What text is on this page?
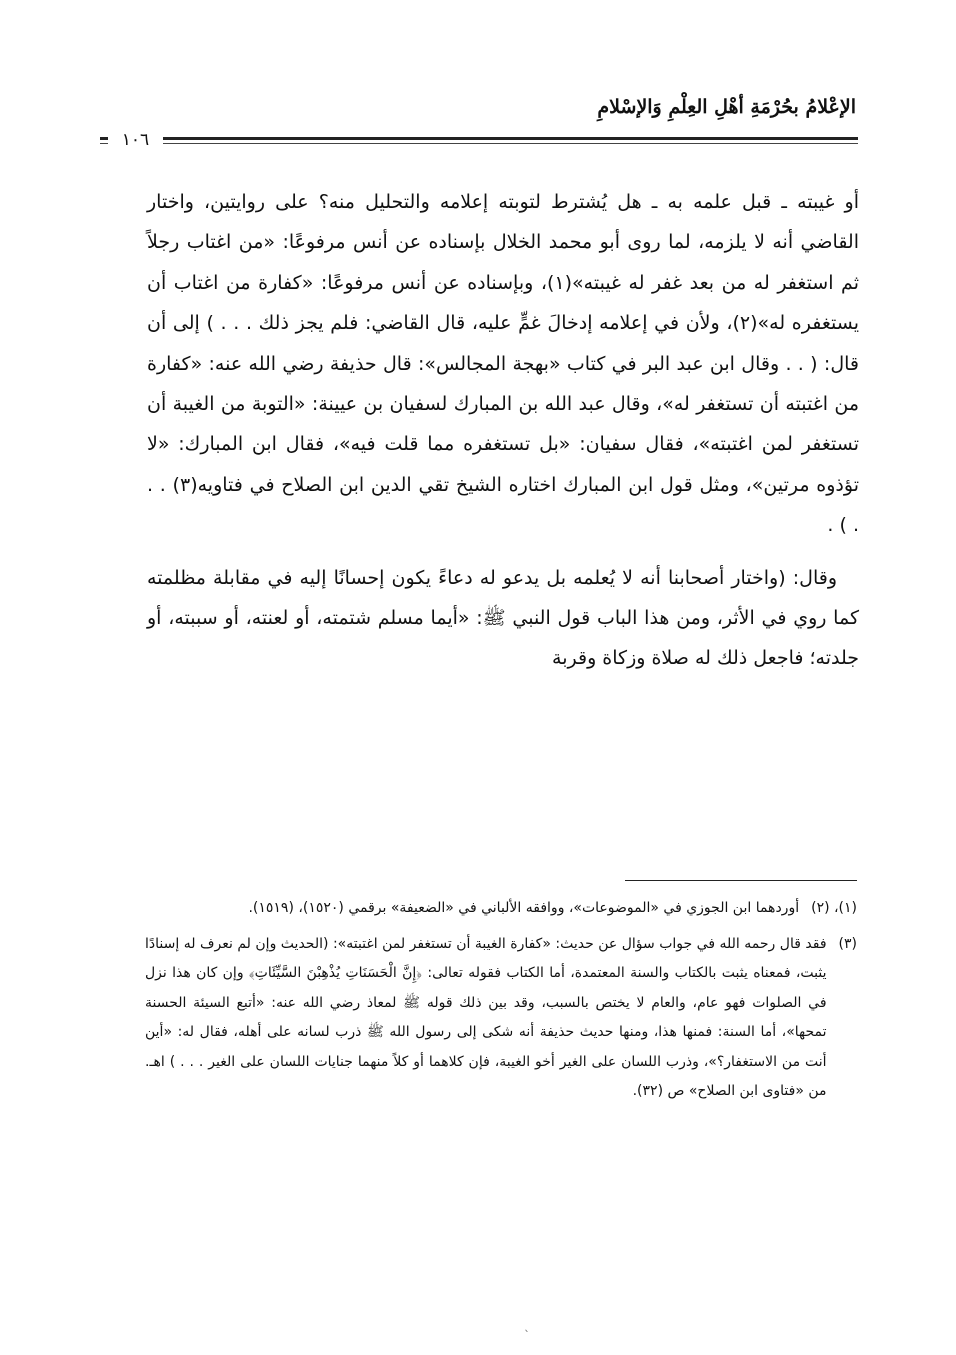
الإعْلامُ بحُرْمَةِ أهْلِ العِلْمِ وَالإسْلامِ
١٠٦

أو غيبته ـ قبل علمه به ـ هل يُشترط لتوبته إعلامه والتحليل منه؟ على روايتين، واختار القاضي أنه لا يلزمه، لما روى أبو محمد الخلال بإسناده عن أنس مرفوعًا: «من اغتاب رجلاً ثم استغفر له من بعد غفر له غيبته»(١)، وبإسناده عن أنس مرفوعًا: «كفارة من اغتاب أن يستغفره له»(٢)، ولأن في إعلامه إدخالَ غمٍّ عليه، قال القاضي: فلم يجز ذلك . . . ) إلى أن قال: ( . . وقال ابن عبد البر في كتاب «بهجة المجالس»: قال حذيفة رضي الله عنه: «كفارة من اغتبته أن تستغفر له»، وقال عبد الله بن المبارك لسفيان بن عيينة: «التوبة من الغيبة أن تستغفر لمن اغتبته»، فقال سفيان: «بل تستغفره مما قلت فيه»، فقال ابن المبارك: «لا تؤذوه مرتين»، ومثل قول ابن المبارك اختاره الشيخ تقي الدين ابن الصلاح في فتاويه(٣) . . . ) .

وقال: (واختار أصحابنا أنه لا يُعلمه بل يدعو له دعاءً يكون إحسانًا إليه في مقابلة مظلمته كما روي في الأثر، ومن هذا الباب قول النبي ﷺ: «أيما مسلم شتمته، أو لعنته، أو سببته، أو جلدته؛ فاجعل ذلك له صلاة وزكاة وقربة

(١)، (٢)
أوردهما ابن الجوزي في «الموضوعات»، ووافقه الألباني في «الضعيفة» برقمي (١٥٢٠)، (١٥١٩).
(٣)
فقد قال رحمه الله في جواب سؤال عن حديث: «كفارة الغيبة أن تستغفر لمن اغتبته»: (الحديث وإن لم نعرف له إسنادًا يثبت، فمعناه يثبت بالكتاب والسنة المعتمدة، أما الكتاب فقوله تعالى: ﴿إِنَّ الْحَسَنَاتِ يُذْهِبْنَ السَّيِّئَاتِ﴾ وإن كان هذا نزل في الصلوات فهو عام، والعام لا يختص بالسبب، وقد بين ذلك قوله ﷺ لمعاذ رضي الله عنه: «أتبع السيئة الحسنة تمحها»، أما السنة: فمنها هذا، ومنها حديث حذيفة أنه شكى إلى رسول الله ﷺ ذرب لسانه على أهله، فقال له: «أين أنت من الاستغفار؟»، وذرب اللسان على الغير أخو الغيبة، فإن كلاهما أو كلاً منهما جنايات اللسان على الغير . . . ) اهـ. من «فتاوى ابن الصلاح» ص (٣٢).
ˎ
